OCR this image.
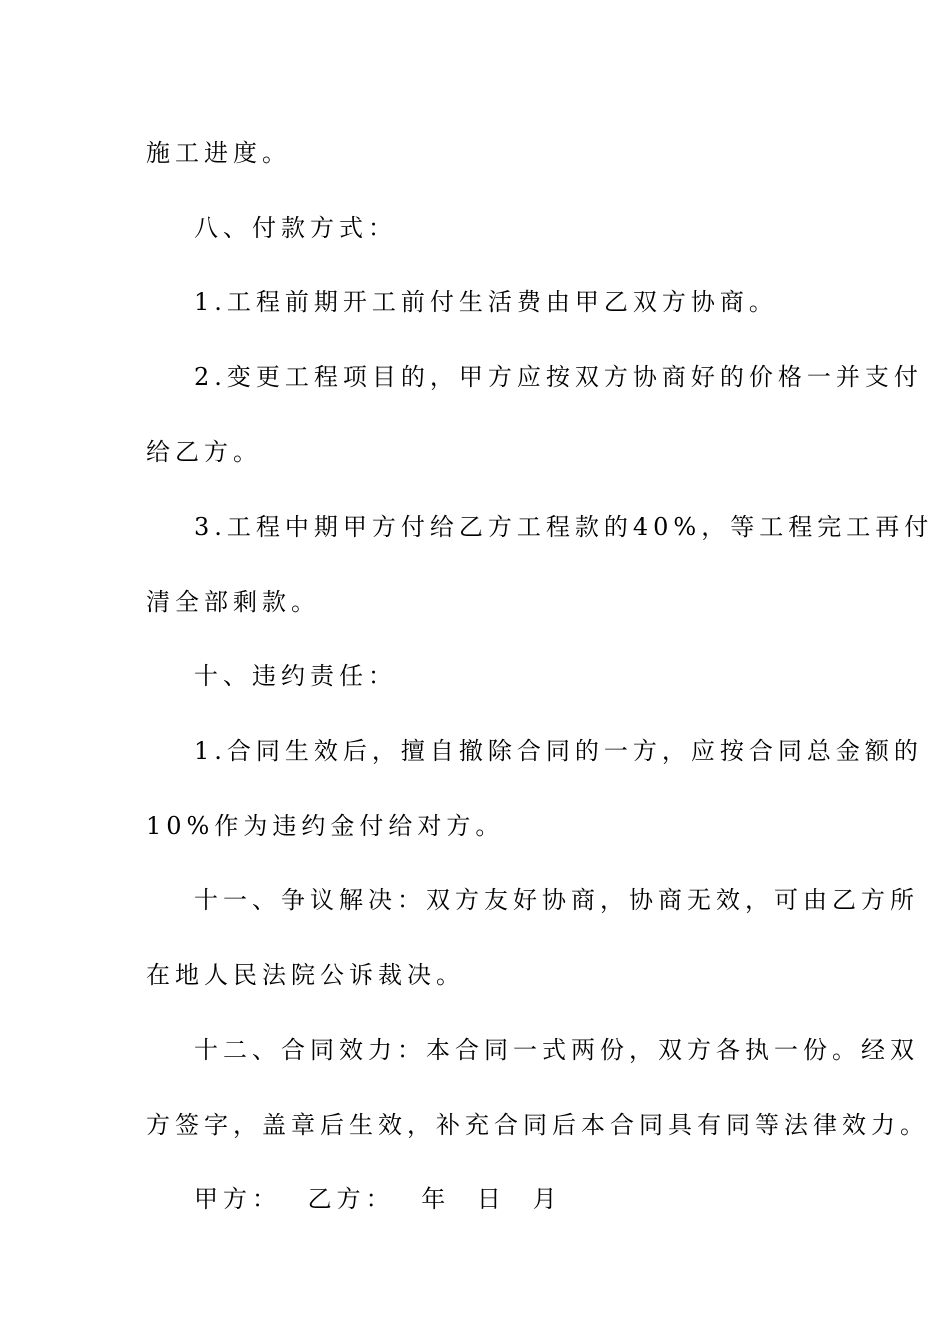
施工进度。
八、付款方式：
1.工程前期开工前付生活费由甲乙双方协商。
2.变更工程项目的，甲方应按双方协商好的价格一并支付
给乙方。
3.工程中期甲方付给乙方工程款的40%，等工程完工再付
清全部剩款。
十、违约责任：
1.合同生效后，擅自撤除合同的一方，应按合同总金额的
10%作为违约金付给对方。
十一、争议解决：双方友好协商，协商无效，可由乙方所
在地人民法院公诉裁决。
十二、合同效力：本合同一式两份，双方各执一份。经双
方签字，盖章后生效，补充合同后本合同具有同等法律效力。
甲方： 乙方： 年 日 月
